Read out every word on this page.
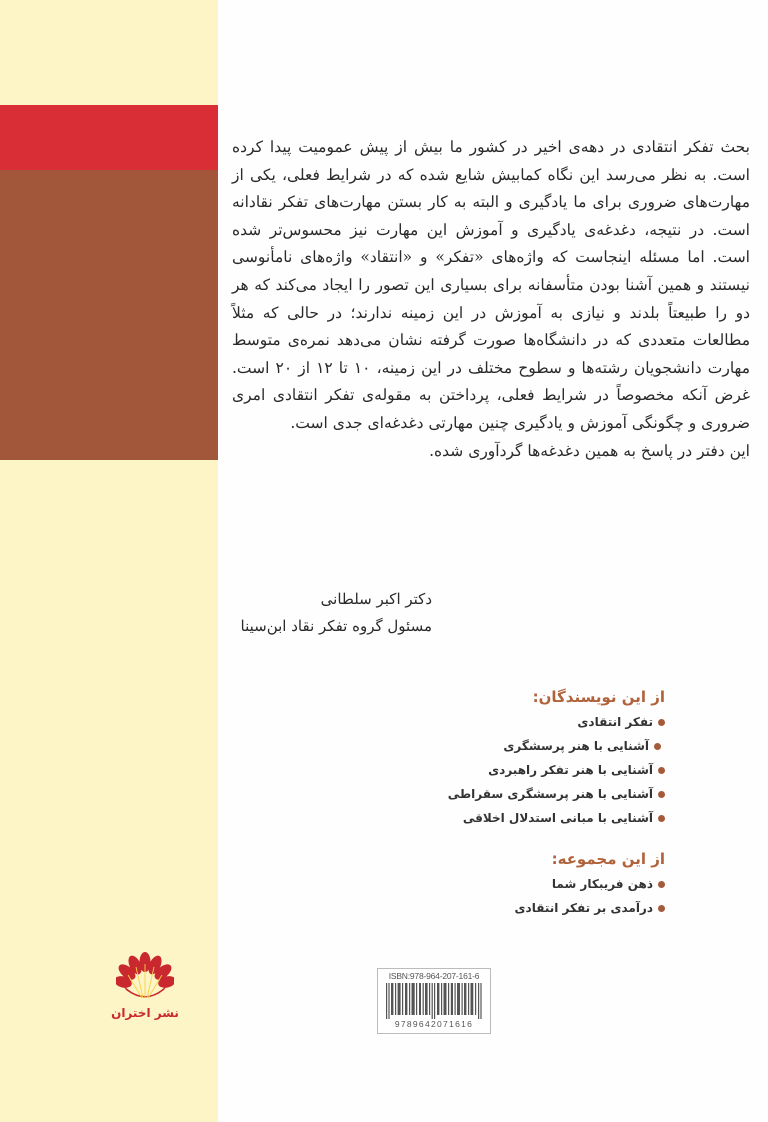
بحث تفکر انتقادی در دهه‌ی اخیر در کشور ما بیش از پیش عمومیت پیدا کرده است. به نظر می‌رسد این نگاه کمابیش شایع شده که در شرایط فعلی، یکی از مهارت‌های ضروری برای ما یادگیری و البته به کار بستن مهارت‌های تفکر نقادانه است. در نتیجه، دغدغه‌ی یادگیری و آموزش این مهارت نیز محسوس‌تر شده است. اما مسئله اینجاست که واژه‌های «تفکر» و «انتقاد» واژه‌های نامأنوسی نیستند و همین آشنا بودن متأسفانه برای بسیاری این تصور را ایجاد می‌کند که هر دو را طبیعتاً بلدند و نیازی به آموزش در این زمینه ندارند؛ در حالی که مثلاً مطالعات متعددی که در دانشگاه‌ها صورت گرفته نشان می‌دهد نمره‌ی متوسط مهارت دانشجویان رشته‌ها و سطوح مختلف در این زمینه، ۱۰ تا ۱۲ از ۲۰ است. غرض آنکه مخصوصاً در شرایط فعلی، پرداختن به مقوله‌ی تفکر انتقادی امری ضروری و چگونگی آموزش و یادگیری چنین مهارتی دغدغه‌ای جدی است.

این دفتر در پاسخ به همین دغدغه‌ها گردآوری شده.

دکتر اکبر سلطانی
مسئول گروه تفکر نقاد ابن‌سینا
از این نویسندگان:
تفکر انتقادی
آشنایی با هنر پرسشگری
آشنایی با هنر تفکر راهبردی
آشنایی با هنر پرسشگری سقراطی
آشنایی با مبانی استدلال اخلاقی
از این مجموعه:
ذهن فریبکار شما
درآمدی بر تفکر انتقادی
ISBN:978-964-207-161-6
9789642071616
نشر اختران
